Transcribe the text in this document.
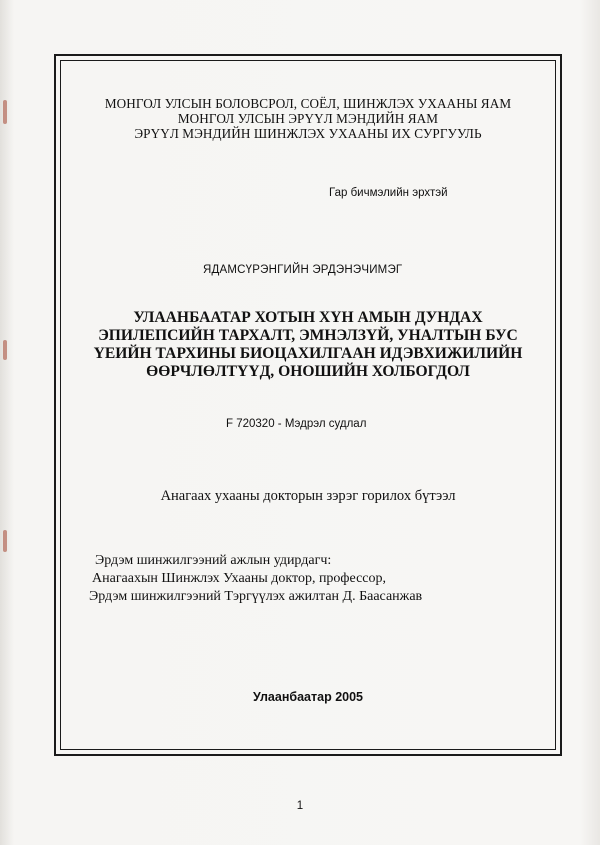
МОНГОЛ УЛСЫН БОЛОВСРОЛ, СОЁЛ, ШИНЖЛЭХ УХААНЫ ЯАМ
МОНГОЛ УЛСЫН ЭРҮҮЛ МЭНДИЙН ЯАМ
ЭРҮҮЛ МЭНДИЙН ШИНЖЛЭХ УХААНЫ ИХ СУРГУУЛЬ
Гар бичмэлийн эрхтэй
ЯДАМСҮРЭНГИЙН ЭРДЭНЭЧИМЭГ
УЛААНБААТАР ХОТЫН ХҮН АМЫН ДУНДАХ
ЭПИЛЕПСИЙН ТАРХАЛТ, ЭМНЭЛЗҮЙ, УНАЛТЫН БУС
ҮЕИЙН ТАРХИНЫ БИОЦАХИЛГААН ИДЭВХИЖИЛИЙН
ӨӨРЧЛӨЛТҮҮД, ОНОШИЙН ХОЛБОГДОЛ
F 720320 - Мэдрэл судлал
Анагаах ухааны докторын зэрэг горилох бүтээл
Эрдэм шинжилгээний ажлын удирдагч:
Анагаахын Шинжлэх Ухааны доктор, профессор,
Эрдэм шинжилгээний Тэргүүлэх ажилтан Д. Баасанжав
Улаанбаатар 2005
1
